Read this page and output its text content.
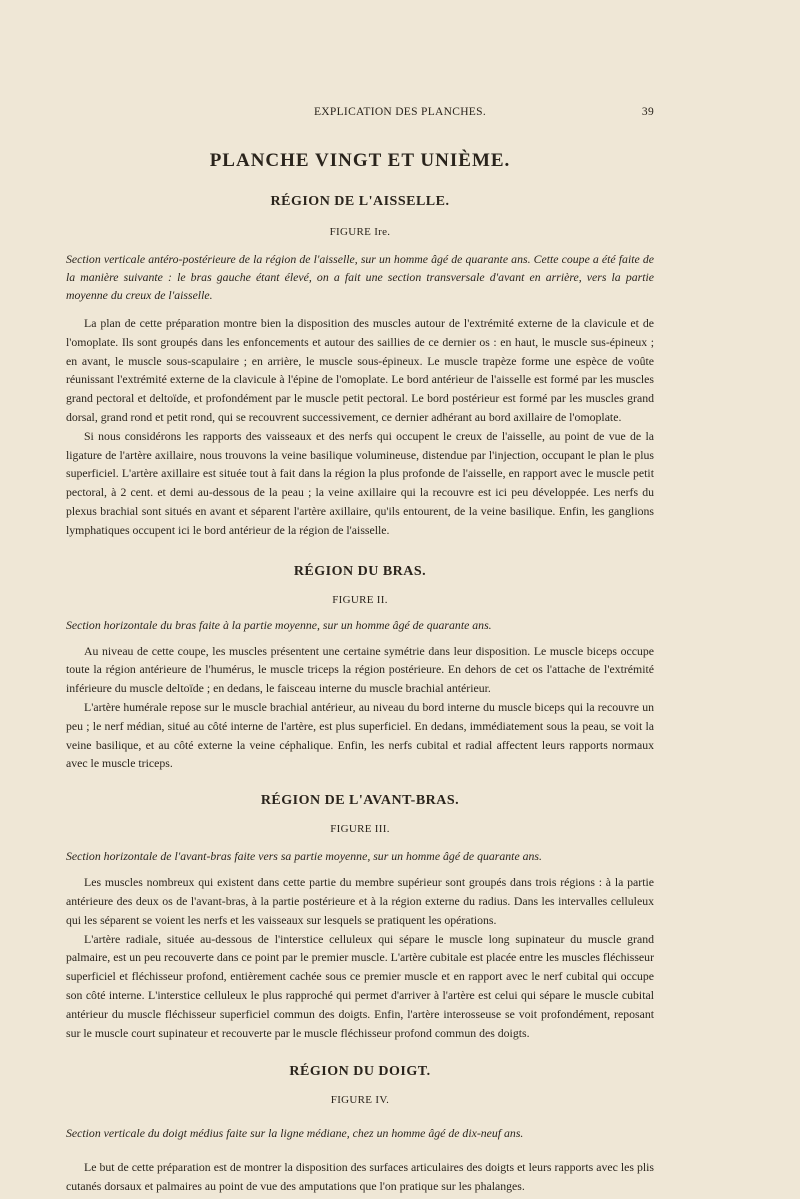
EXPLICATION DES PLANCHES.	39
PLANCHE VINGT ET UNIÈME.
RÉGION DE L'AISSELLE.
FIGURE Ire.

Section verticale antéro-postérieure de la région de l'aisselle, sur un homme âgé de quarante ans. Cette coupe a été faite de la manière suivante : le bras gauche étant élevé, on a fait une section transversale d'avant en arrière, vers la partie moyenne du creux de l'aisselle.

La plan de cette préparation montre bien la disposition des muscles autour de l'extrémité externe de la clavicule et de l'omoplate. Ils sont groupés dans les enfoncements et autour des saillies de ce dernier os : en haut, le muscle sus-épineux ; en avant, le muscle sous-scapulaire ; en arrière, le muscle sous-épineux. Le muscle trapèze forme une espèce de voûte réunissant l'extrémité externe de la clavicule à l'épine de l'omoplate. Le bord antérieur de l'aisselle est formé par les muscles grand pectoral et deltoïde, et profondément par le muscle petit pectoral. Le bord postérieur est formé par les muscles grand dorsal, grand rond et petit rond, qui se recouvrent successivement, ce dernier adhérant au bord axillaire de l'omoplate.

Si nous considérons les rapports des vaisseaux et des nerfs qui occupent le creux de l'aisselle, au point de vue de la ligature de l'artère axillaire, nous trouvons la veine basilique volumineuse, distendue par l'injection, occupant le plan le plus superficiel. L'artère axillaire est située tout à fait dans la région la plus profonde de l'aisselle, en rapport avec le muscle petit pectoral, à 2 cent. et demi au-dessous de la peau ; la veine axillaire qui la recouvre est ici peu développée. Les nerfs du plexus brachial sont situés en avant et séparent l'artère axillaire, qu'ils entourent, de la veine basilique. Enfin, les ganglions lymphatiques occupent ici le bord antérieur de la région de l'aisselle.

RÉGION DU BRAS.
FIGURE II.

Section horizontale du bras faite à la partie moyenne, sur un homme âgé de quarante ans.

Au niveau de cette coupe, les muscles présentent une certaine symétrie dans leur disposition. Le muscle biceps occupe toute la région antérieure de l'humérus, le muscle triceps la région postérieure. En dehors de cet os l'attache de l'extrémité inférieure du muscle deltoïde ; en dedans, le faisceau interne du muscle brachial antérieur.

L'artère humérale repose sur le muscle brachial antérieur, au niveau du bord interne du muscle biceps qui la recouvre un peu ; le nerf médian, situé au côté interne de l'artère, est plus superficiel. En dedans, immédiatement sous la peau, se voit la veine basilique, et au côté externe la veine céphalique. Enfin, les nerfs cubital et radial affectent leurs rapports normaux avec le muscle triceps.

RÉGION DE L'AVANT-BRAS.
FIGURE III.

Section horizontale de l'avant-bras faite vers sa partie moyenne, sur un homme âgé de quarante ans.

Les muscles nombreux qui existent dans cette partie du membre supérieur sont groupés dans trois régions : à la partie antérieure des deux os de l'avant-bras, à la partie postérieure et à la région externe du radius. Dans les intervalles celluleux qui les séparent se voient les nerfs et les vaisseaux sur lesquels se pratiquent les opérations.

L'artère radiale, située au-dessous de l'interstice celluleux qui sépare le muscle long supinateur du muscle grand palmaire, est un peu recouverte dans ce point par le premier muscle. L'artère cubitale est placée entre les muscles fléchisseur superficiel et fléchisseur profond, entièrement cachée sous ce premier muscle et en rapport avec le nerf cubital qui occupe son côté interne. L'interstice celluleux le plus rapproché qui permet d'arriver à l'artère est celui qui sépare le muscle cubital antérieur du muscle fléchisseur superficiel commun des doigts. Enfin, l'artère interosseuse se voit profondément, reposant sur le muscle court supinateur et recouverte par le muscle fléchisseur profond commun des doigts.

RÉGION DU DOIGT.
FIGURE IV.

Section verticale du doigt médius faite sur la ligne médiane, chez un homme âgé de dix-neuf ans.

Le but de cette préparation est de montrer la disposition des surfaces articulaires des doigts et leurs rapports avec les plis cutanés dorsaux et palmaires au point de vue des amputations que l'on pratique sur les phalanges.
